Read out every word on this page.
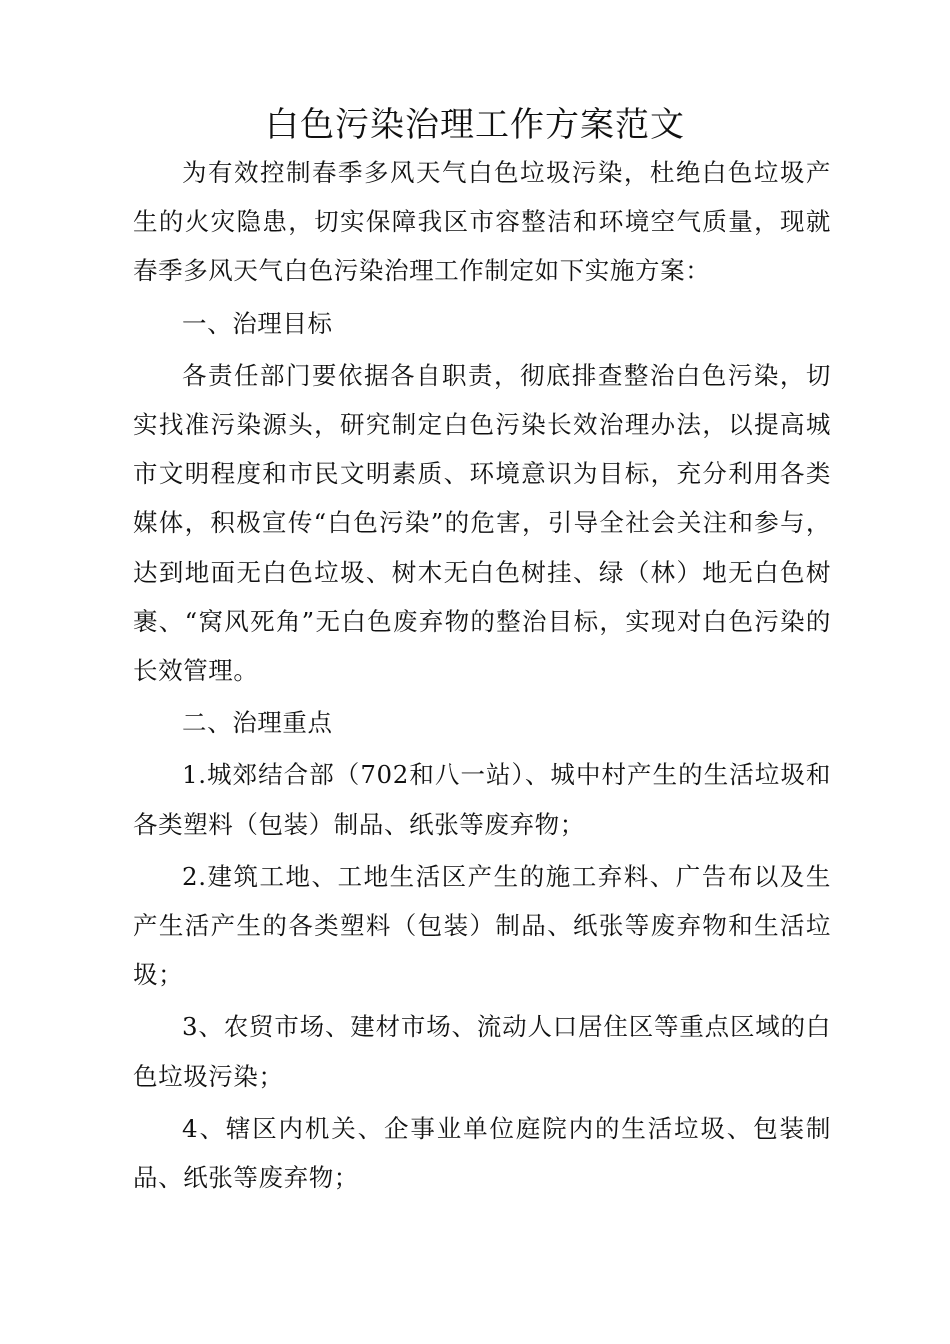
白色污染治理工作方案范文

为有效控制春季多风天气白色垃圾污染，杜绝白色垃圾产生的火灾隐患，切实保障我区市容整洁和环境空气质量，现就春季多风天气白色污染治理工作制定如下实施方案：

一、治理目标

各责任部门要依据各自职责，彻底排查整治白色污染，切实找准污染源头，研究制定白色污染长效治理办法，以提高城市文明程度和市民文明素质、环境意识为目标，充分利用各类媒体，积极宣传“白色污染”的危害，引导全社会关注和参与，达到地面无白色垃圾、树木无白色树挂、绿（林）地无白色树裹、“窝风死角”无白色废弃物的整治目标，实现对白色污染的长效管理。

二、治理重点

1.城郊结合部（702和八一站）、城中村产生的生活垃圾和各类塑料（包装）制品、纸张等废弃物；

2.建筑工地、工地生活区产生的施工弃料、广告布以及生产生活产生的各类塑料（包装）制品、纸张等废弃物和生活垃圾；

3、农贸市场、建材市场、流动人口居住区等重点区域的白色垃圾污染；

4、辖区内机关、企事业单位庭院内的生活垃圾、包装制品、纸张等废弃物；
